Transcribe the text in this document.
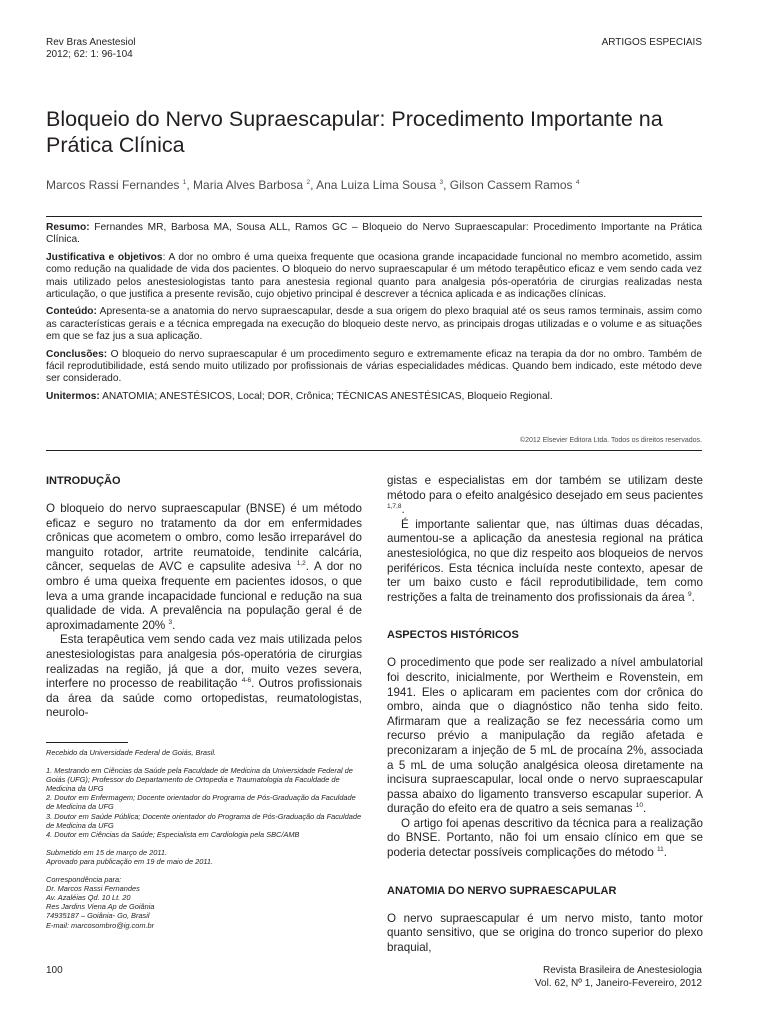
Rev Bras Anestesiol
2012; 62: 1: 96-104
ARTIGOS ESPECIAIS
Bloqueio do Nervo Supraescapular: Procedimento Importante na Prática Clínica
Marcos Rassi Fernandes $^1$, Maria Alves Barbosa $^2$, Ana Luiza Lima Sousa $^3$, Gilson Cassem Ramos $^4$

Resumo: Fernandes MR, Barbosa MA, Sousa ALL, Ramos GC – Bloqueio do Nervo Supraescapular: Procedimento Importante na Prática Clínica.

Justificativa e objetivos: A dor no ombro é uma queixa frequente que ocasiona grande incapacidade funcional no membro acometido, assim como redução na qualidade de vida dos pacientes. O bloqueio do nervo supraescapular é um método terapêutico eficaz e vem sendo cada vez mais utilizado pelos anestesiologistas tanto para anestesia regional quanto para analgesia pós-operatória de cirurgias realizadas nesta articulação, o que justifica a presente revisão, cujo objetivo principal é descrever a técnica aplicada e as indicações clínicas.

Conteúdo: Apresenta-se a anatomia do nervo supraescapular, desde a sua origem do plexo braquial até os seus ramos terminais, assim como as características gerais e a técnica empregada na execução do bloqueio deste nervo, as principais drogas utilizadas e o volume e as situações em que se faz jus a sua aplicação.

Conclusões: O bloqueio do nervo supraescapular é um procedimento seguro e extremamente eficaz na terapia da dor no ombro. Também de fácil reprodutibilidade, está sendo muito utilizado por profissionais de várias especialidades médicas. Quando bem indicado, este método deve ser considerado.

Unitermos: ANATOMIA; ANESTÉSICOS, Local; DOR, Crônica; TÉCNICAS ANESTÉSICAS, Bloqueio Regional.

©2012 Elsevier Editora Ltda. Todos os direitos reservados.
INTRODUÇÃO

O bloqueio do nervo supraescapular (BNSE) é um método eficaz e seguro no tratamento da dor em enfermidades crônicas que acometem o ombro, como lesão irreparável do manguito rotador, artrite reumatoide, tendinite calcária, câncer, sequelas de AVC e capsulite adesiva $^{1,2}$. A dor no ombro é uma queixa frequente em pacientes idosos, o que leva a uma grande incapacidade funcional e redução na sua qualidade de vida. A prevalência na população geral é de aproximadamente 20% $^3$.

Esta terapêutica vem sendo cada vez mais utilizada pelos anestesiologistas para analgesia pós-operatória de cirurgias realizadas na região, já que a dor, muito vezes severa, interfere no processo de reabilitação $^{4-6}$. Outros profissionais da área da saúde como ortopedistas, reumatologistas, neurolo-

Recebido da Universidade Federal de Goiás, Brasil.

1. Mestrando em Ciências da Saúde pela Faculdade de Medicina da Universidade Federal de Goiás (UFG); Professor do Departamento de Ortopedia e Traumatologia da Faculdade de Medicina da UFG

2. Doutor em Enfermagem; Docente orientador do Programa de Pós-Graduação da Faculdade de Medicina da UFG

3. Doutor em Saúde Pública; Docente orientador do Programa de Pós-Graduação da Faculdade de Medicina da UFG

4. Doutor em Ciências da Saúde; Especialista em Cardiologia pela SBC/AMB

Submetido em 15 de março de 2011.

Aprovado para publicação em 19 de maio de 2011.

Correspondência para:

Dr. Marcos Rassi Fernandes

Av. Azaléias Qd. 10 Lt. 20

Res Jardins Viena Ap de Goiânia

74935187 – Goiânia- Go, Brasil

E-mail: marcosombro@ig.com.br

gistas e especialistas em dor também se utilizam deste método para o efeito analgésico desejado em seus pacientes $^{1,7,8}$.

É importante salientar que, nas últimas duas décadas, aumentou-se a aplicação da anestesia regional na prática anestesiológica, no que diz respeito aos bloqueios de nervos periféricos. Esta técnica incluída neste contexto, apesar de ter um baixo custo e fácil reprodutibilidade, tem como restrições a falta de treinamento dos profissionais da área $^9$.

ASPECTOS HISTÓRICOS

O procedimento que pode ser realizado a nível ambulatorial foi descrito, inicialmente, por Wertheim e Rovenstein, em 1941. Eles o aplicaram em pacientes com dor crônica do ombro, ainda que o diagnóstico não tenha sido feito. Afirmaram que a realização se fez necessária como um recurso prévio a manipulação da região afetada e preconizaram a injeção de 5 mL de procaína 2%, associada a 5 mL de uma solução analgésica oleosa diretamente na incisura supraescapular, local onde o nervo supraescapular passa abaixo do ligamento transverso escapular superior. A duração do efeito era de quatro a seis semanas $^{10}$.

O artigo foi apenas descritivo da técnica para a realização do BNSE. Portanto, não foi um ensaio clínico em que se poderia detectar possíveis complicações do método $^{11}$.

ANATOMIA DO NERVO SUPRAESCAPULAR

O nervo supraescapular é um nervo misto, tanto motor quanto sensitivo, que se origina do tronco superior do plexo braquial,

100	Revista Brasileira de Anestesiologia
Vol. 62, Nº 1, Janeiro-Fevereiro, 2012
